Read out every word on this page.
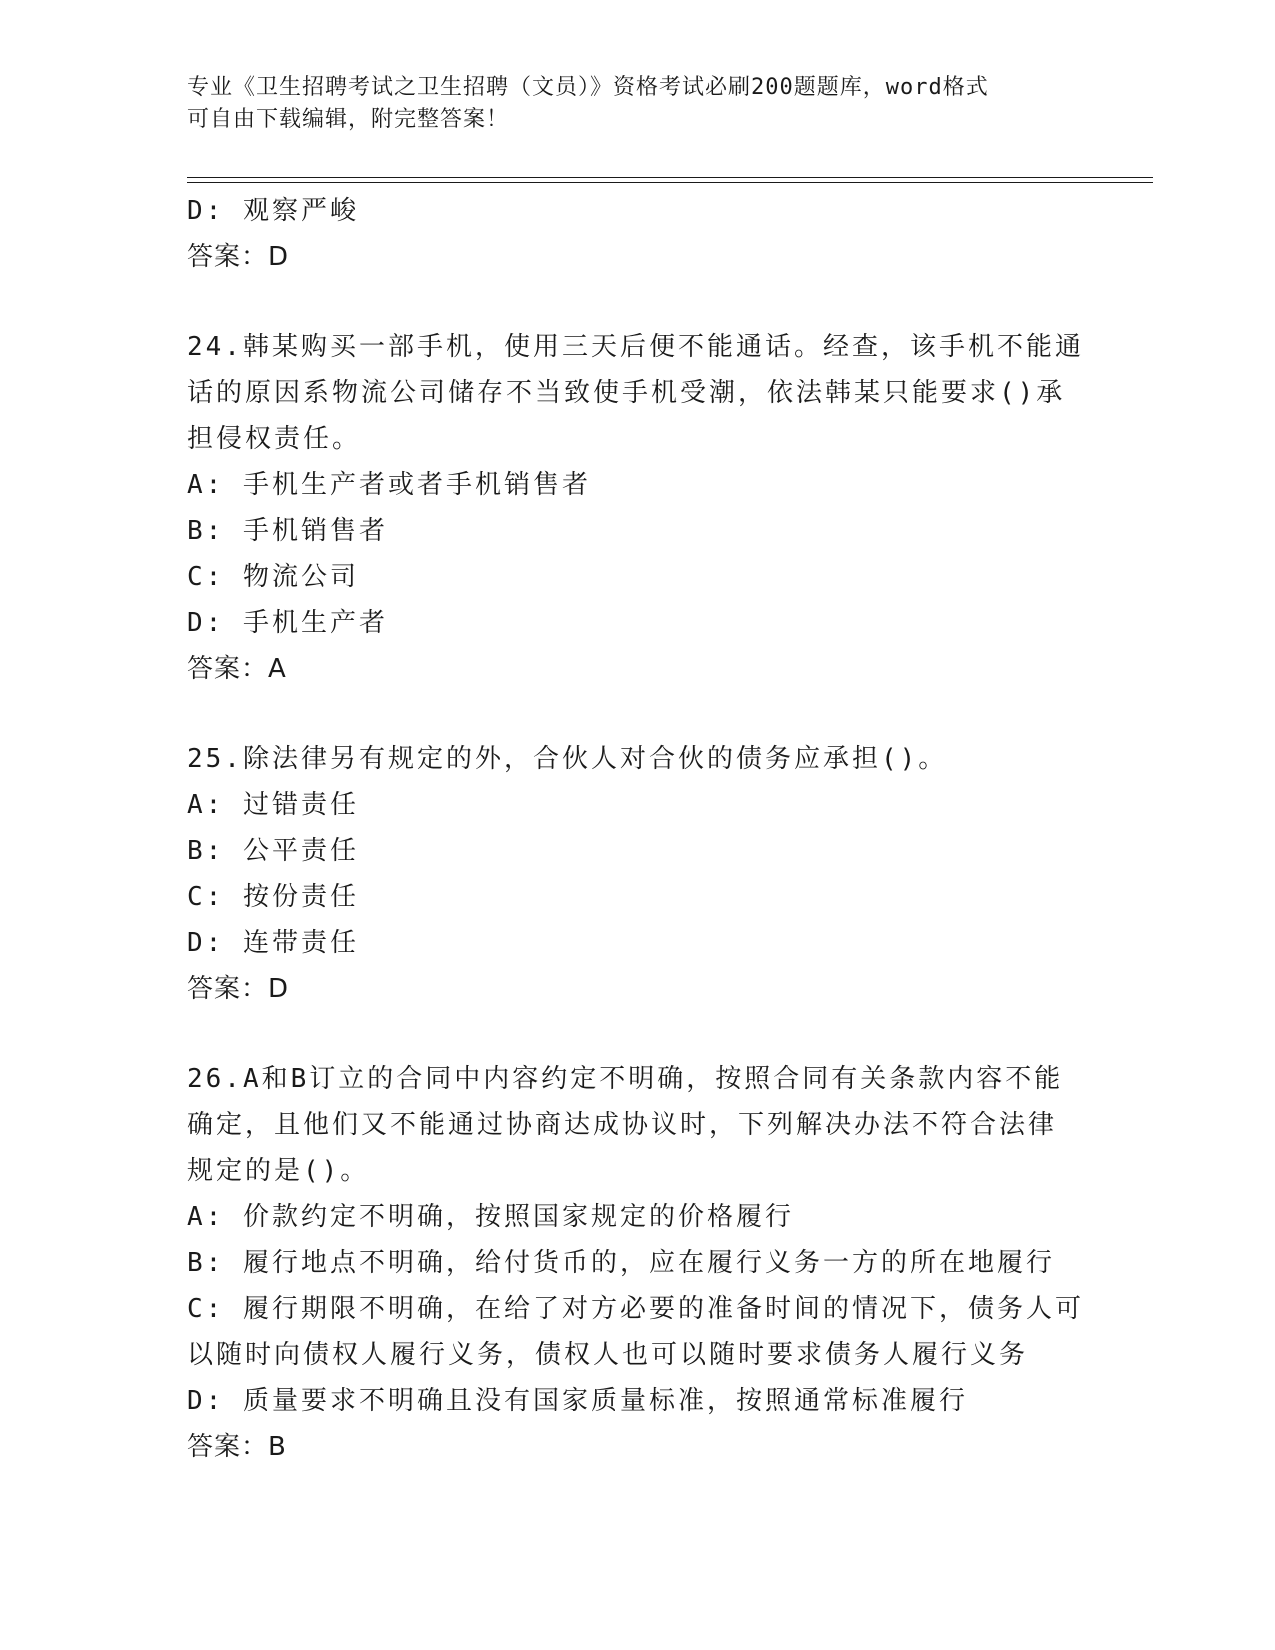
专业《卫生招聘考试之卫生招聘（文员）》资格考试必刷200题题库，word格式
可自由下载编辑，附完整答案！
D: 观察严峻
答案：D
24.韩某购买一部手机，使用三天后便不能通话。经查，该手机不能通
话的原因系物流公司储存不当致使手机受潮，依法韩某只能要求()承
担侵权责任。
A: 手机生产者或者手机销售者
B: 手机销售者
C: 物流公司
D: 手机生产者
答案：A
25.除法律另有规定的外，合伙人对合伙的债务应承担()。
A: 过错责任
B: 公平责任
C: 按份责任
D: 连带责任
答案：D
26.A和B订立的合同中内容约定不明确，按照合同有关条款内容不能
确定，且他们又不能通过协商达成协议时，下列解决办法不符合法律
规定的是()。
A: 价款约定不明确，按照国家规定的价格履行
B: 履行地点不明确，给付货币的，应在履行义务一方的所在地履行
C: 履行期限不明确，在给了对方必要的准备时间的情况下，债务人可
以随时向债权人履行义务，债权人也可以随时要求债务人履行义务
D: 质量要求不明确且没有国家质量标准，按照通常标准履行
答案：B
